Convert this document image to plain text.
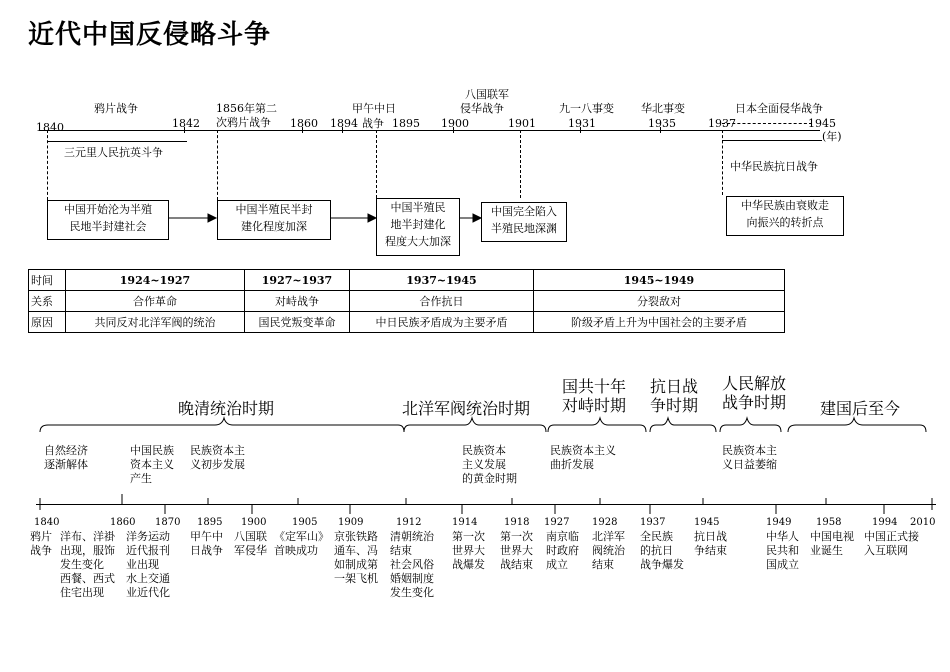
近代中国反侵略斗争
1840	1842
1856年第二
次鸦片战争 1860 1894	1895 1900	1901	1931	1935	1937	1945
(年)
鸦片战争	甲午中日
战争
八国联军
侵华战争	九一八事变 华北事变	日本全面侵华战争
三元里人民抗英斗争
中华民族抗日战争
中国开始沦为半殖
民地半封建社会
中国半殖民半封
建化程度加深
中国半殖民
地半封建化
程度大大加深
中国完全陷入
半殖民地深渊
中华民族由衰败走
向振兴的转折点
时间	1924~1927	1927~1937	1937~1945	1945~1949
关系	合作革命	对峙战争	合作抗日	分裂敌对
原因	共同反对北洋军阀的统治	国民党叛变革命	中日民族矛盾成为主要矛盾	阶级矛盾上升为中国社会的主要矛盾
晚清统治时期	北洋军阀统治时期
国共十年
对峙时期
抗日战
争时期
人民解放
战争时期 建国后至今
自然经济
逐渐解体
中国民族
资本主义
产生
民族资本主
义初步发展
民族资本
主义发展
的黄金时期
民族资本主义
曲折发展
民族资本主
义日益萎缩
1840	1860 1870 1895 1900	1905 1909	1912	1914	1918 1927 1928 1937	1945	1949 1958	1994 2010
鸦片
战争
洋布、洋褂
出现，服饰
发生变化
西餐、西式
住宅出现
洋务运动
近代报刊
业出现
水上交通
业近代化
甲午中
日战争
八国联
军侵华
《定军山》
首映成功
京张铁路
通车、冯
如制成第
一架飞机
清朝统治
结束
社会风俗
婚姻制度
发生变化
第一次
世界大
战爆发
第一次
世界大
战结束
南京临
时政府
成立
北洋军
阀统治
结束
全民族
的抗日
战争爆发
抗日战
争结束
中华人
民共和
国成立
中国电视
业诞生
中国正式接
入互联网
